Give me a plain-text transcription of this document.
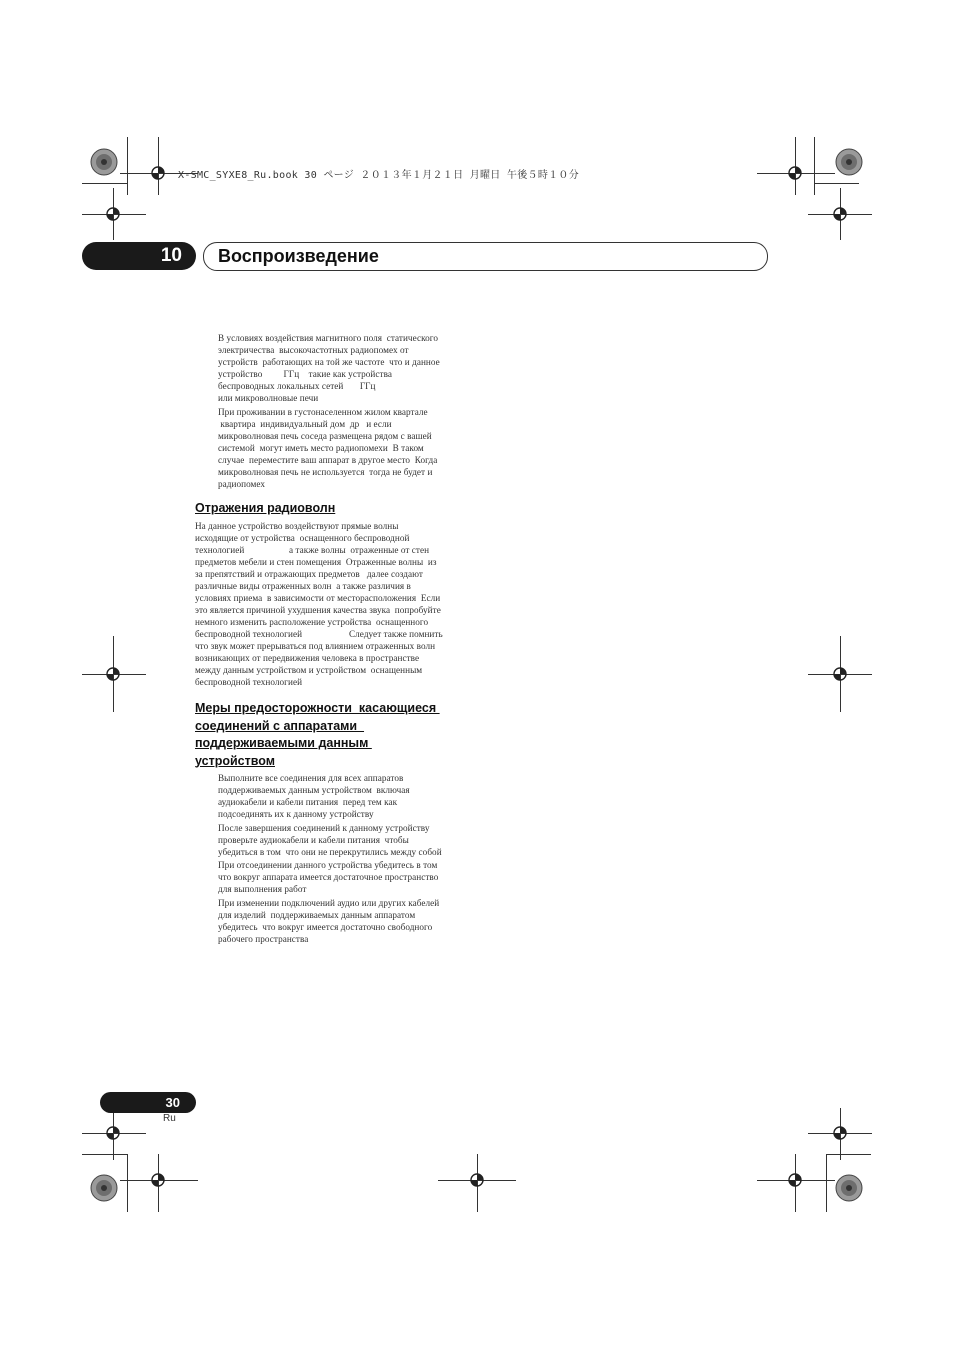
X-SMC_SYXE8_Ru.book 30 ページ ２０１３年１月２１日 月曜日 午後５時１０分
10 Воспроизведение
В условиях воздействия магнитного поля  статического
электричества  высокочастотных радиопомех от
устройств  работающих на той же частоте  что и данное
устройство         ГГц    такие как устройства
беспроводных локальных сетей       ГГц
или микроволновые печи
При проживании в густонаселенном жилом квартале
квартира  индивидуальный дом  др   и если
микроволновая печь соседа размещена рядом с вашей
системой  могут иметь место радиопомехи  В таком
случае  переместите ваш аппарат в другое место  Когда
микроволновая печь не используется  тогда не будет и
радиопомех
Отражения радиоволн
На данное устройство воздействуют прямые волны
исходящие от устройства  оснащенного беспроводной
технологией                   а также волны  отраженные от стен
предметов мебели и стен помещения  Отраженные волны  из
за препятствий и отражающих предметов   далее создают
различные виды отраженных волн  а также различия в
условиях приема  в зависимости от месторасположения  Если
это является причиной ухудшения качества звука  попробуйте
немного изменить расположение устройства  оснащенного
беспроводной технологией                    Следует также помнить
что звук может прерываться под влиянием отраженных волн
возникающих от передвижения человека в пространстве
между данным устройством и устройством  оснащенным
беспроводной технологией
Меры предосторожности  касающиеся
соединений с аппаратами
поддерживаемыми данным
устройством
Выполните все соединения для всех аппаратов
поддерживаемых данным устройством  включая
аудиокабели и кабели питания  перед тем как
подсоединять их к данному устройству
После завершения соединений к данному устройству
проверьте аудиокабели и кабели питания  чтобы
убедиться в том  что они не перекрутились между собой
При отсоединении данного устройства убедитесь в том
что вокруг аппарата имеется достаточное пространство
для выполнения работ
При изменении подключений аудио или других кабелей
для изделий  поддерживаемых данным аппаратом
убедитесь  что вокруг имеется достаточно свободного
рабочего пространства
30
Ru
